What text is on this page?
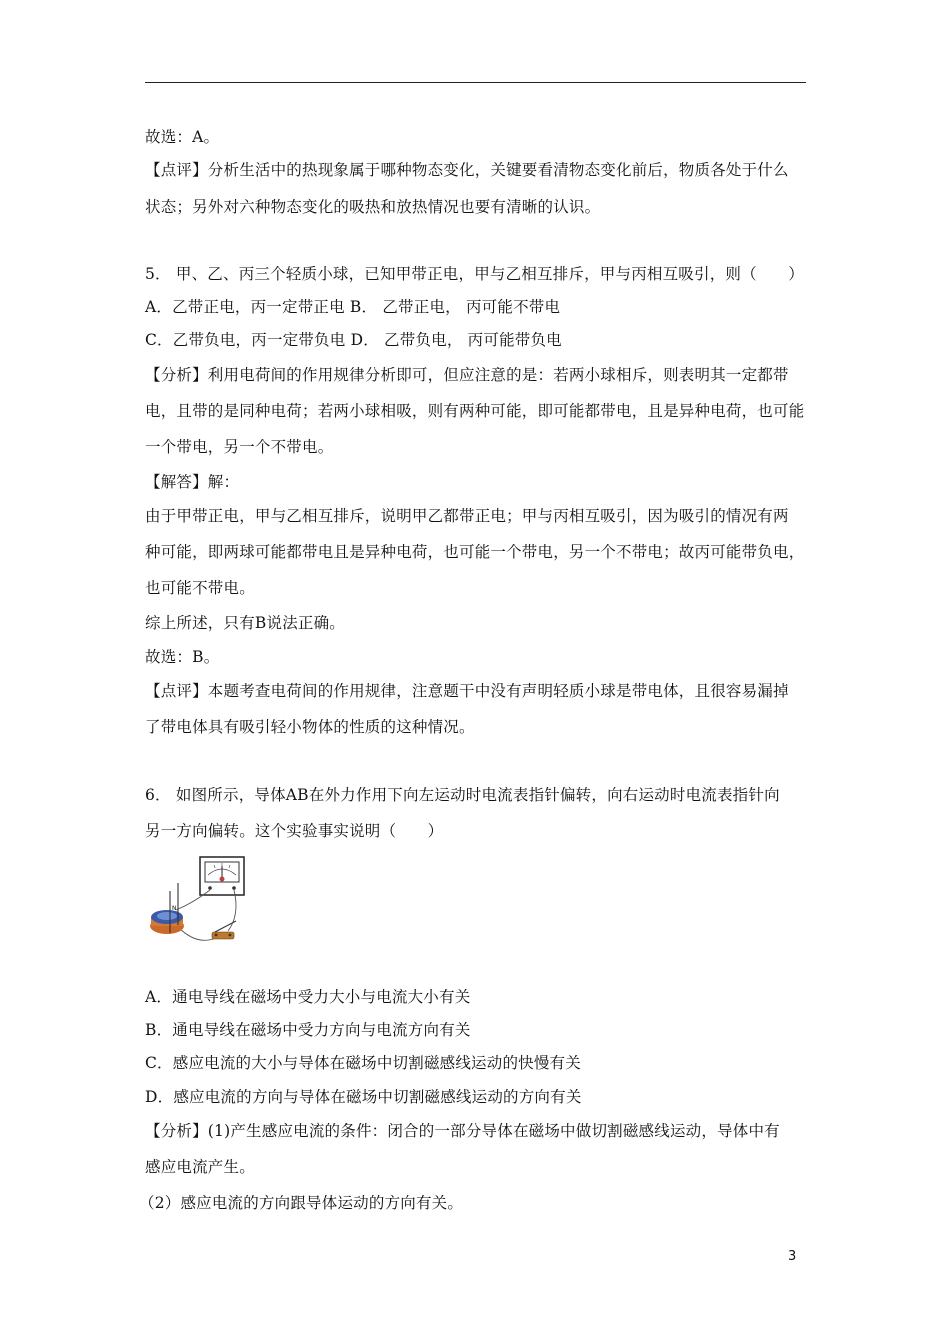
故选：A。
【点评】分析生活中的热现象属于哪种物态变化，关键要看清物态变化前后，物质各处于什么
状态；另外对六种物态变化的吸热和放热情况也要有清晰的认识。
5． 甲、乙、丙三个轻质小球，已知甲带正电，甲与乙相互排斥，甲与丙相互吸引，则（　　）
A．乙带正电，丙一定带正电 B． 乙带正电， 丙可能不带电
C．乙带负电，丙一定带负电 D． 乙带负电， 丙可能带负电
【分析】利用电荷间的作用规律分析即可，但应注意的是：若两小球相斥，则表明其一定都带
电，且带的是同种电荷；若两小球相吸，则有两种可能，即可能都带电，且是异种电荷，也可能
一个带电，另一个不带电。
【解答】解：
由于甲带正电，甲与乙相互排斥，说明甲乙都带正电；甲与丙相互吸引，因为吸引的情况有两
种可能，即两球可能都带电且是异种电荷，也可能一个带电，另一个不带电；故丙可能带负电，
也可能不带电。
综上所述，只有B说法正确。
故选：B。
【点评】本题考查电荷间的作用规律，注意题干中没有声明轻质小球是带电体，且很容易漏掉
了带电体具有吸引轻小物体的性质的这种情况。
6． 如图所示，导体AB在外力作用下向左运动时电流表指针偏转，向右运动时电流表指针向
另一方向偏转。这个实验事实说明（　　）
N
A．通电导线在磁场中受力大小与电流大小有关
B．通电导线在磁场中受力方向与电流方向有关
C．感应电流的大小与导体在磁场中切割磁感线运动的快慢有关
D．感应电流的方向与导体在磁场中切割磁感线运动的方向有关
【分析】(1)产生感应电流的条件：闭合的一部分导体在磁场中做切割磁感线运动，导体中有
感应电流产生。
（2）感应电流的方向跟导体运动的方向有关。
3
